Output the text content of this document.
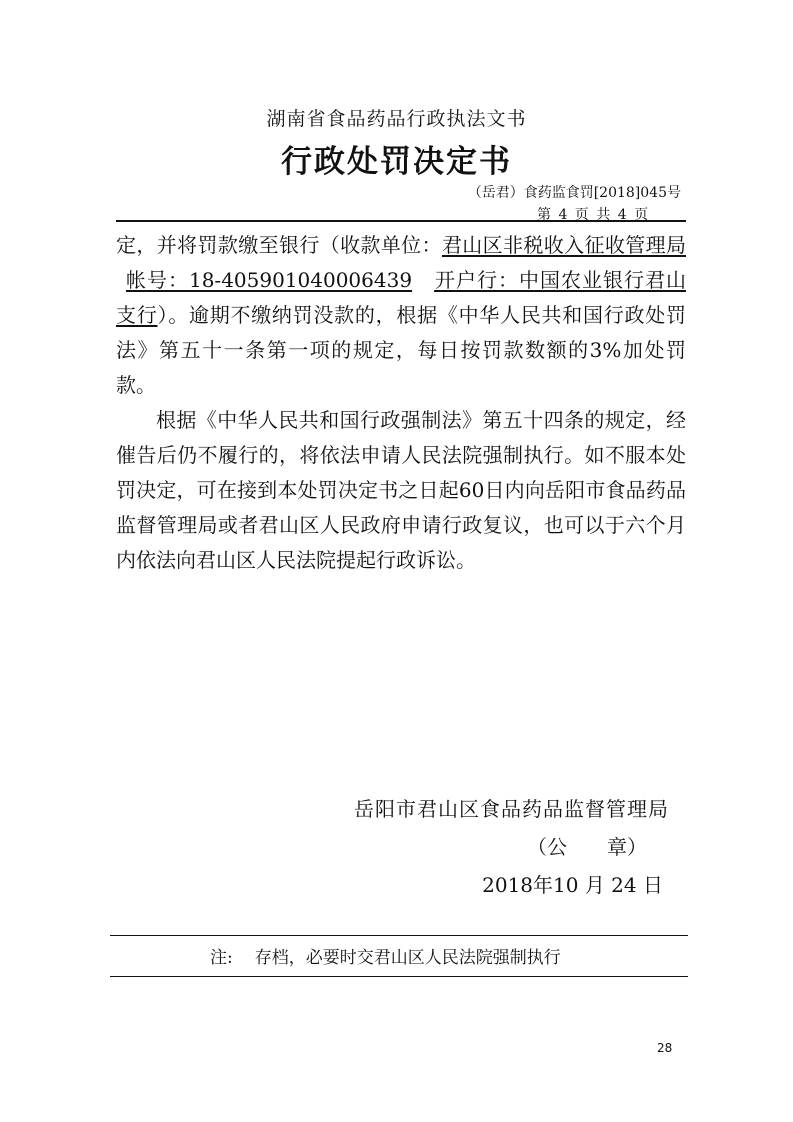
湖南省食品药品行政执法文书
行政处罚决定书
（岳君）食药监食罚[2018]045号
第 4 页 共 4 页

定，并将罚款缴至银行（收款单位：君山区非税收入征收管理局帐号：18-405901040006439 开户行：中国农业银行君山支行）。逾期不缴纳罚没款的，根据《中华人民共和国行政处罚法》第五十一条第一项的规定，每日按罚款数额的3%加处罚款。

根据《中华人民共和国行政强制法》第五十四条的规定，经催告后仍不履行的，将依法申请人民法院强制执行。如不服本处罚决定，可在接到本处罚决定书之日起60日内向岳阳市食品药品监督管理局或者君山区人民政府申请行政复议，也可以于六个月内依法向君山区人民法院提起行政诉讼。

岳阳市君山区食品药品监督管理局
（公　　章）
2018年10 月 24 日
注: 存档，必要时交君山区人民法院强制执行
28
